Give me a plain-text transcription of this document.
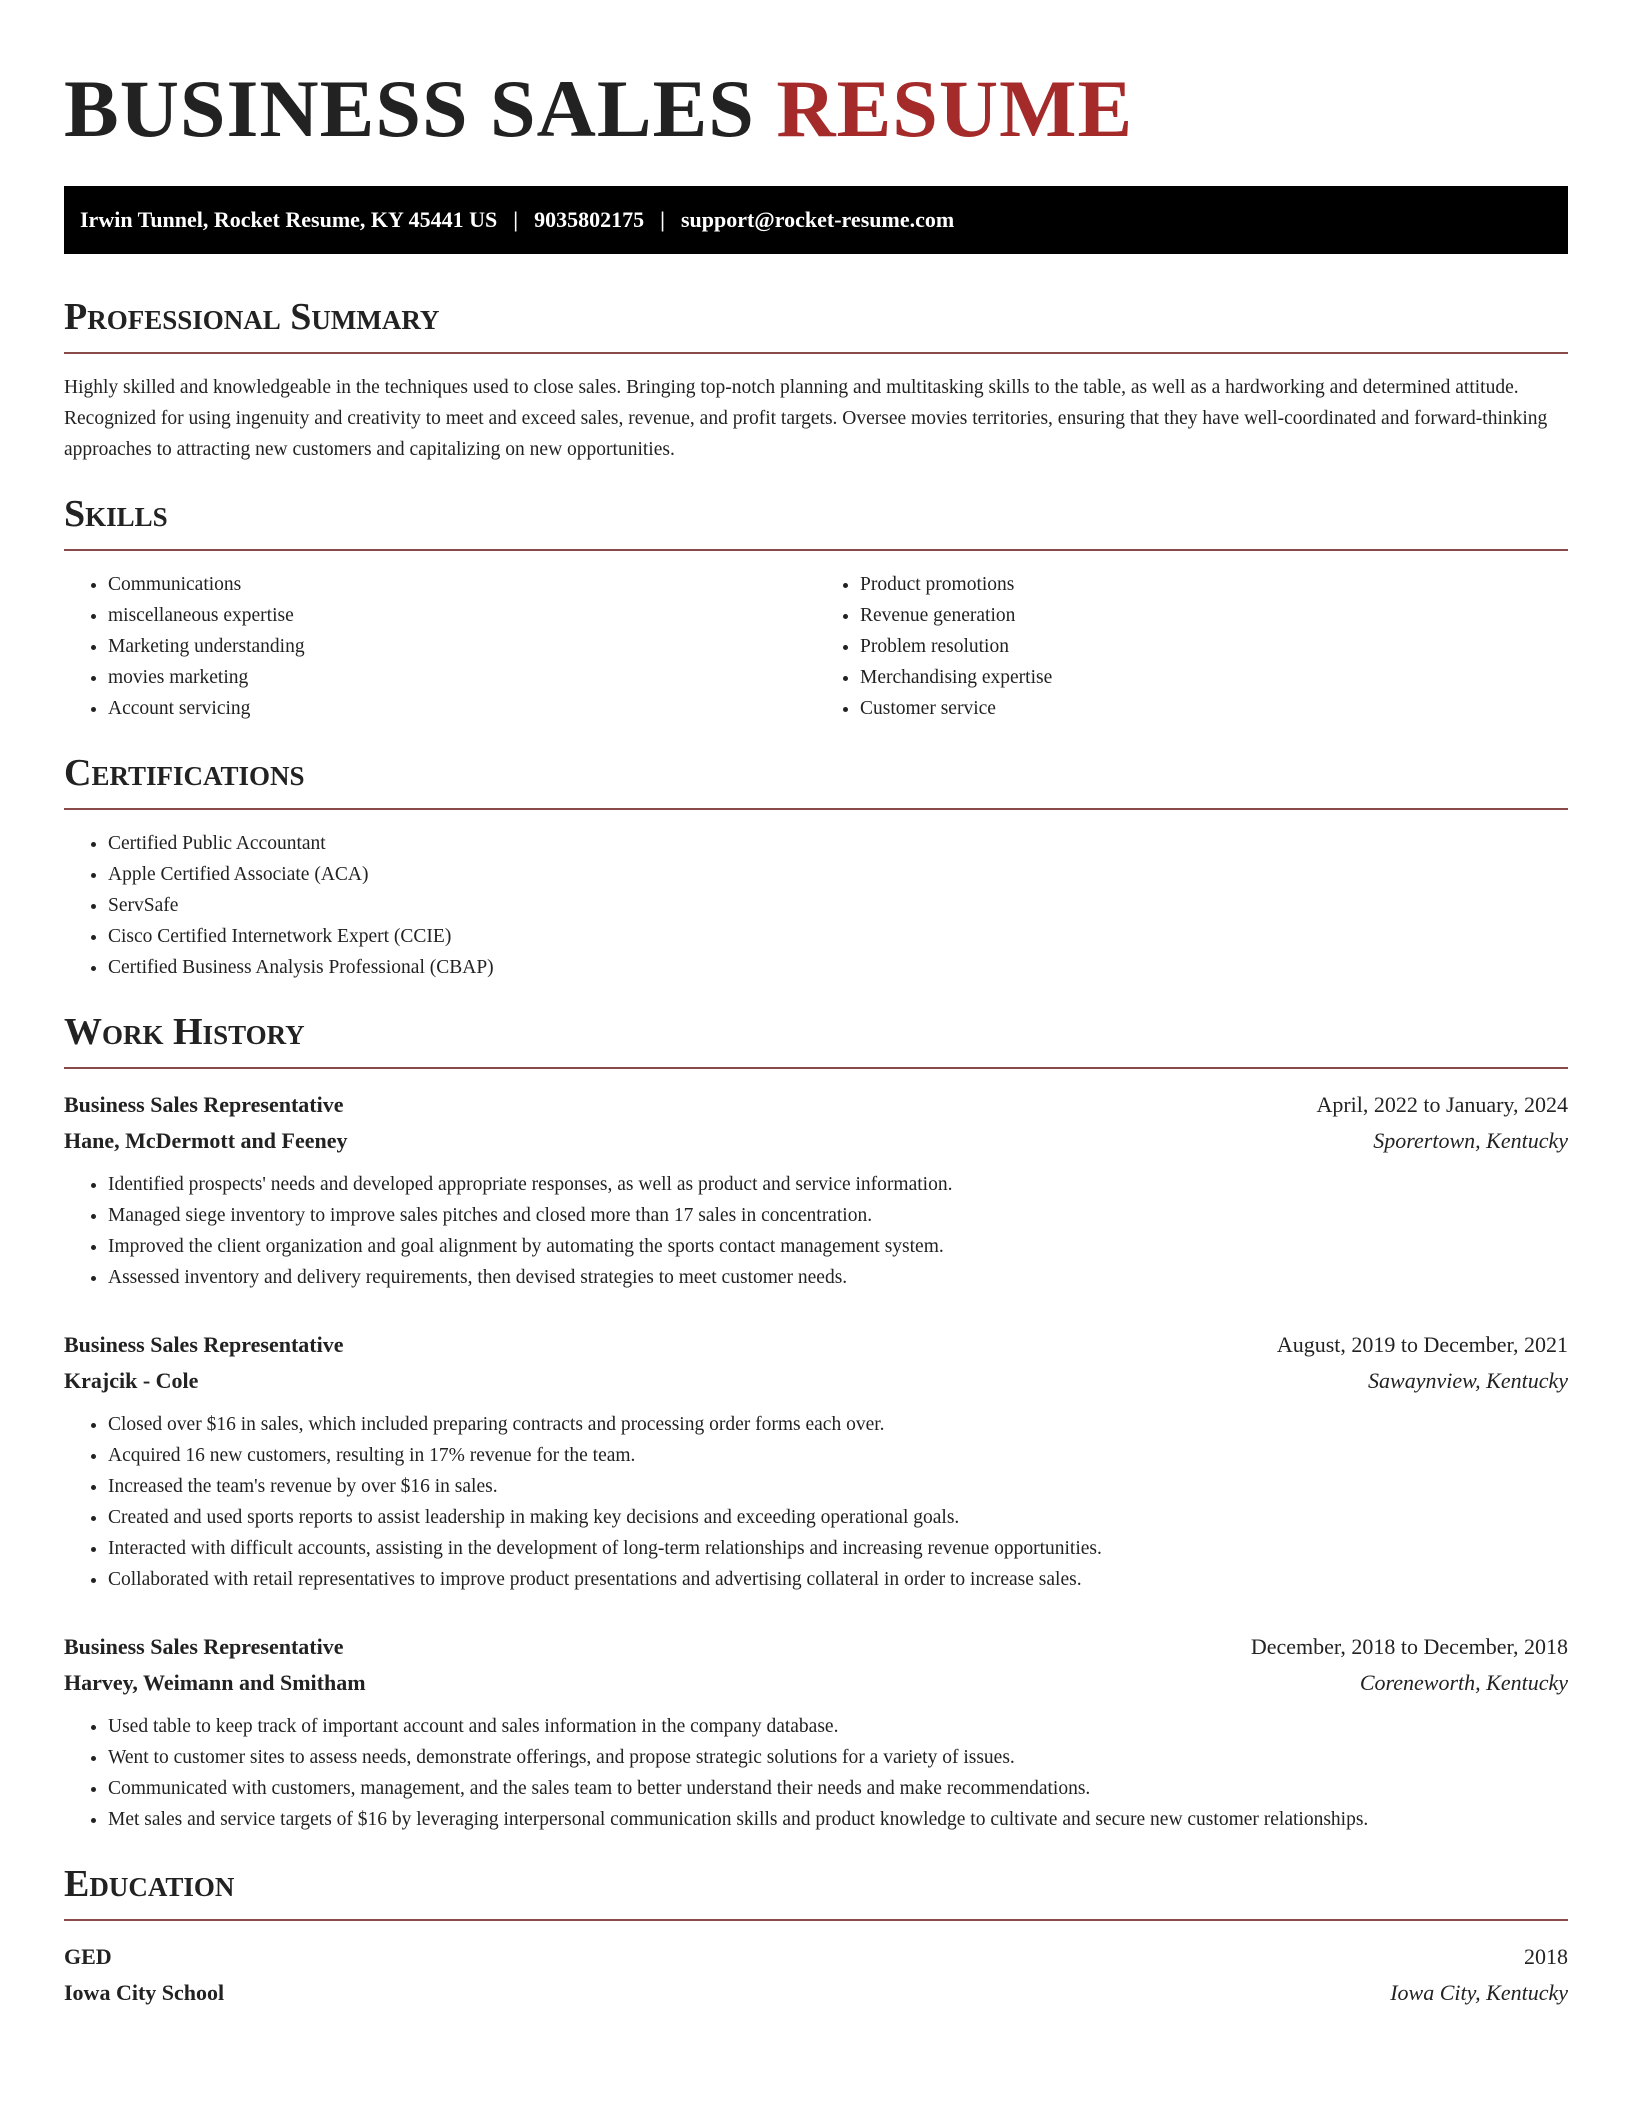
BUSINESS SALES RESUME
Irwin Tunnel, Rocket Resume, KY 45441 US | 9035802175 | support@rocket-resume.com
Professional Summary

Highly skilled and knowledgeable in the techniques used to close sales. Bringing top-notch planning and multitasking skills to the table, as well as a hardworking and determined attitude. Recognized for using ingenuity and creativity to meet and exceed sales, revenue, and profit targets. Oversee movies territories, ensuring that they have well-coordinated and forward-thinking approaches to attracting new customers and capitalizing on new opportunities.

Skills
• Communications
• miscellaneous expertise
• Marketing understanding
• movies marketing
• Account servicing
• Product promotions
• Revenue generation
• Problem resolution
• Merchandising expertise
• Customer service
Certifications
• Certified Public Accountant
• Apple Certified Associate (ACA)
• ServSafe
• Cisco Certified Internetwork Expert (CCIE)
• Certified Business Analysis Professional (CBAP)
Work History
Business Sales Representative	April, 2022 to January, 2024
Hane, McDermott and Feeney	Sporertown, Kentucky
• Identified prospects' needs and developed appropriate responses, as well as product and service information.
• Managed siege inventory to improve sales pitches and closed more than 17 sales in concentration.
• Improved the client organization and goal alignment by automating the sports contact management system.
• Assessed inventory and delivery requirements, then devised strategies to meet customer needs.
Business Sales Representative	August, 2019 to December, 2021
Krajcik - Cole	Sawaynview, Kentucky
• Closed over $16 in sales, which included preparing contracts and processing order forms each over.
• Acquired 16 new customers, resulting in 17% revenue for the team.
• Increased the team's revenue by over $16 in sales.
• Created and used sports reports to assist leadership in making key decisions and exceeding operational goals.
• Interacted with difficult accounts, assisting in the development of long-term relationships and increasing revenue opportunities.
• Collaborated with retail representatives to improve product presentations and advertising collateral in order to increase sales.
Business Sales Representative	December, 2018 to December, 2018
Harvey, Weimann and Smitham	Coreneworth, Kentucky
• Used table to keep track of important account and sales information in the company database.
• Went to customer sites to assess needs, demonstrate offerings, and propose strategic solutions for a variety of issues.
• Communicated with customers, management, and the sales team to better understand their needs and make recommendations.
• Met sales and service targets of $16 by leveraging interpersonal communication skills and product knowledge to cultivate and secure new customer relationships.
Education
GED	2018
Iowa City School	Iowa City, Kentucky
